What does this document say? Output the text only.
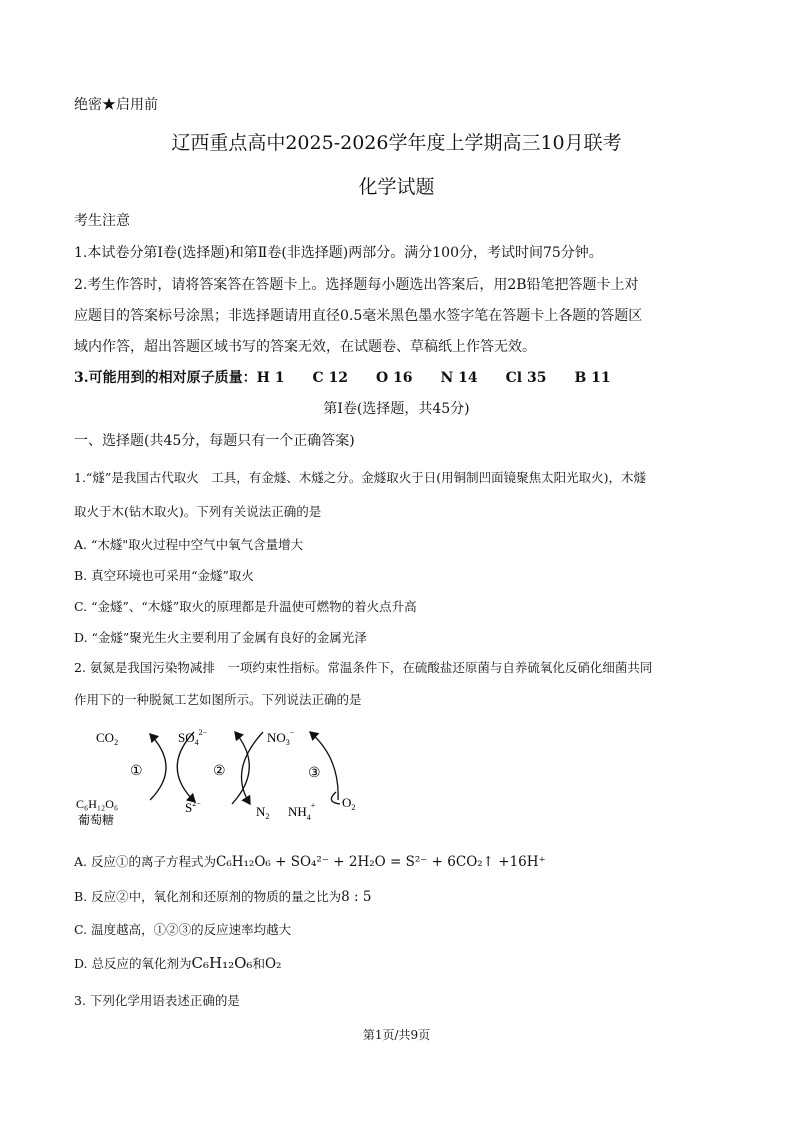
绝密★启用前
辽西重点高中2025-2026学年度上学期高三10月联考
化学试题
考生注意
1.本试卷分第Ⅰ卷(选择题)和第Ⅱ卷(非选择题)两部分。满分100分，考试时间75分钟。
2.考生作答时，请将答案答在答题卡上。选择题每小题选出答案后，用2B铅笔把答题卡上对
应题目的答案标号涂黑；非选择题请用直径0.5毫米黑色墨水签字笔在答题卡上各题的答题区
域内作答，超出答题区域书写的答案无效，在试题卷、草稿纸上作答无效。
3.可能用到的相对原子质量：H 1　　C 12　　O 16　　N 14　　Cl 35　　B 11
第Ⅰ卷(选择题，共45分)
一、选择题(共45分，每题只有一个正确答案)
1.“燧”是我国古代取火　工具，有金燧、木燧之分。金燧取火于日(用铜制凹面镜聚焦太阳光取火)，木燧
取火于木(钻木取火)。下列有关说法正确的是
A. “木燧"取火过程中空气中氧气含量增大
B. 真空环境也可采用“金燧”取火
C. “金燧”、“木燧”取火的原理都是升温使可燃物的着火点升高
D. “金燧”聚光生火主要利用了金属有良好的金属光泽
2. 氨氮是我国污染物减排　一项约束性指标。常温条件下，在硫酸盐还原菌与自养硫氧化反硝化细菌共同
作用下的一种脱氮工艺如图所示。下列说法正确的是
$CO_2$	$SO_4^{2-}$	$NO_3^-$
①	②	③
C₆H₁₂O₆
葡萄糖
$S^{2-}$
$N_2$ $NH_4^+$ $O_2$
A. 反应①的离子方程式为C₆H₁₂O₆ + SO₄²⁻ + 2H₂O = S²⁻ + 6CO₂↑ +16H⁺
B. 反应②中，氧化剂和还原剂的物质的量之比为8 : 5
C. 温度越高，①②③的反应速率均越大
D. 总反应的氧化剂为C₆H₁₂O₆和O₂
3. 下列化学用语表述正确的是
第1页/共9页
